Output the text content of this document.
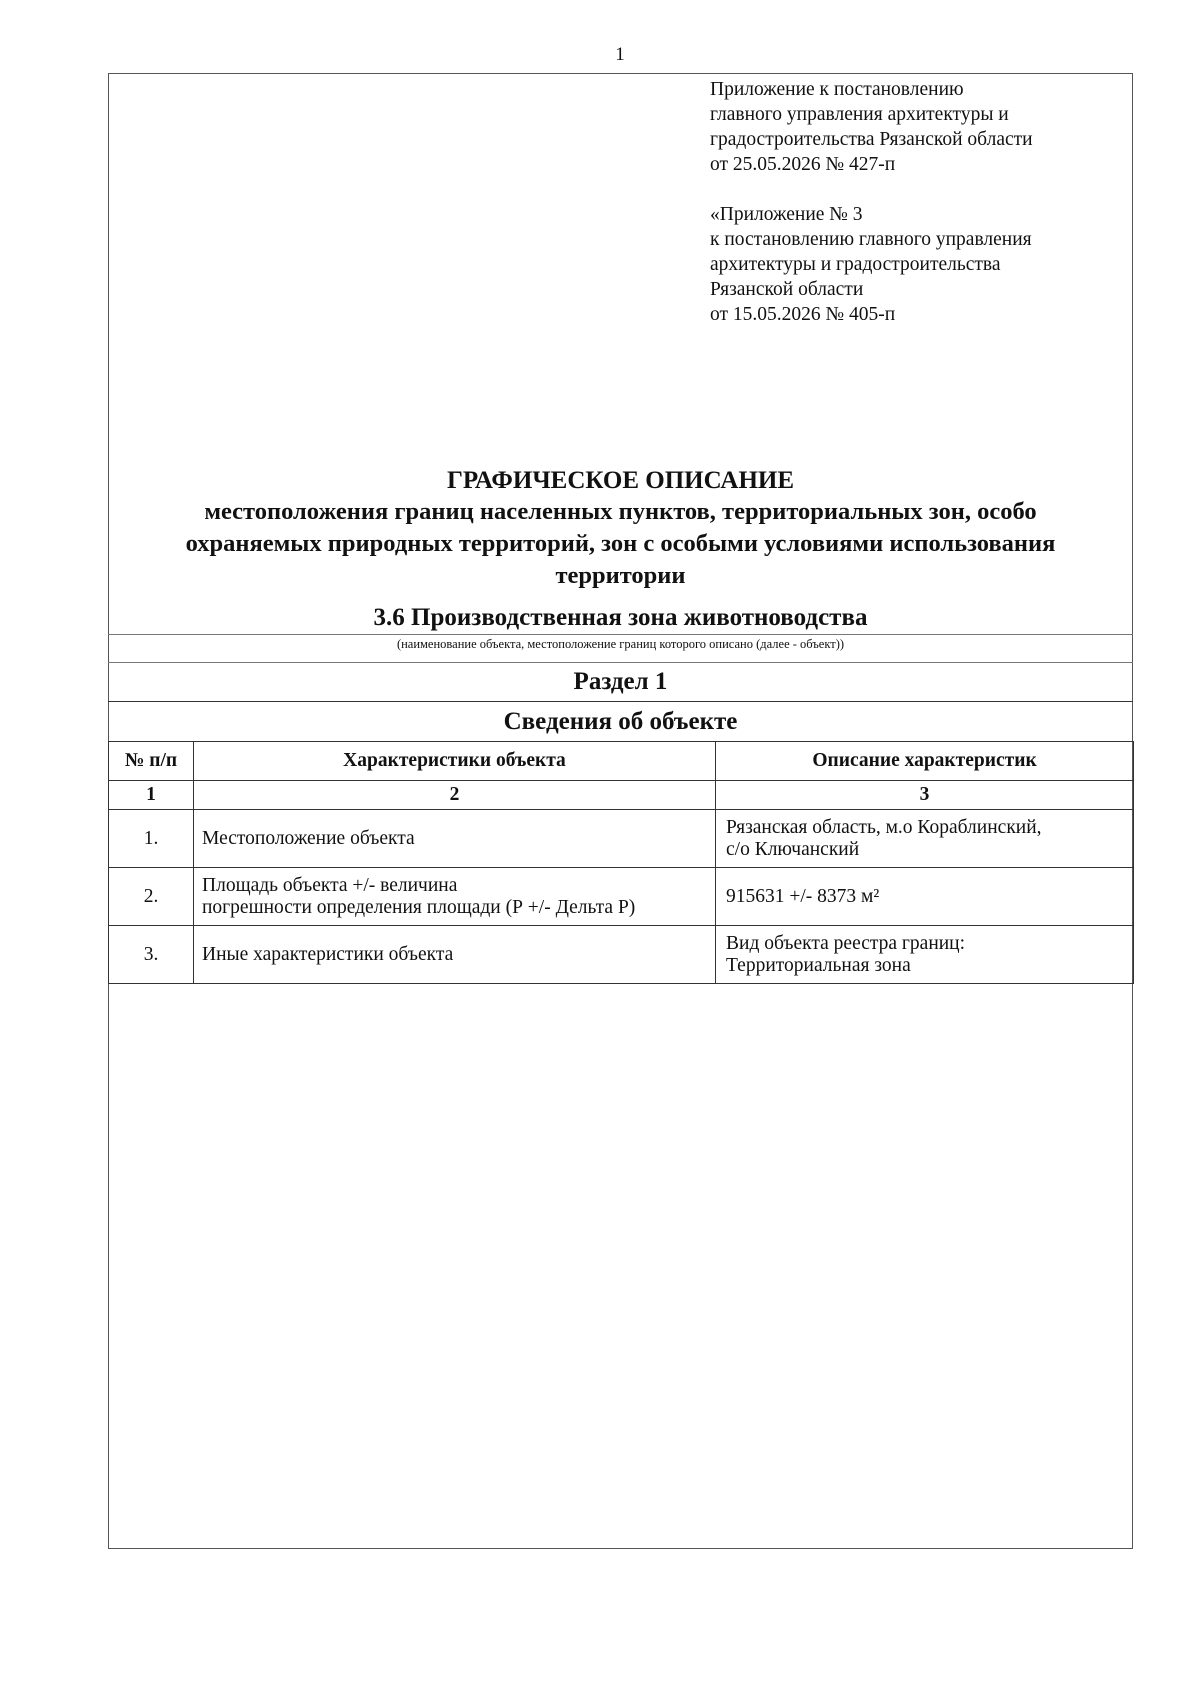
1
Приложение к постановлению
главного управления архитектуры и
градостроительства Рязанской области
от 25.05.2026 № 427-п
«Приложение № 3
к постановлению главного управления
архитектуры и градостроительства
Рязанской области
от 15.05.2026 № 405-п
ГРАФИЧЕСКОЕ ОПИСАНИЕ
местоположения границ населенных пунктов, территориальных зон, особо
охраняемых природных территорий, зон с особыми условиями использования
территории
3.6 Производственная зона животноводства
(наименование объекта, местоположение границ которого описано (далее - объект))
Раздел 1
Сведения об объекте
№ п/п	Характеристики объекта	Описание характеристик
1	2	3
1.	Местоположение объекта	Рязанская область, м.о Кораблинский,
с/о Ключанский

2.	Площадь объекта +/- величина
погрешности определения площади (Р +/- Дельта Р)	915631 +/- 8373 м²

3.	Иные характеристики объекта	Вид объекта реестра границ:
Территориальная зона
